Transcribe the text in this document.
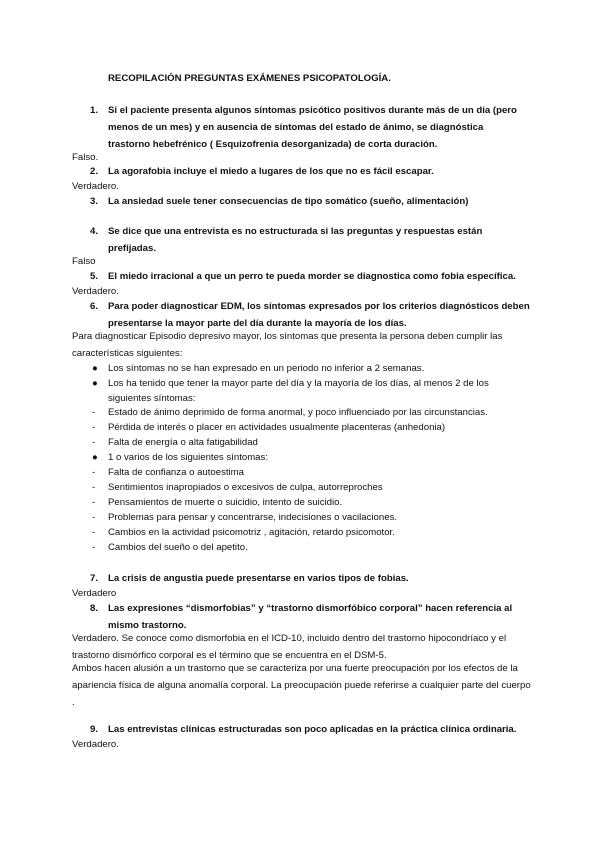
RECOPILACIÓN PREGUNTAS EXÁMENES PSICOPATOLOGÍA.
1. Si el paciente presenta algunos síntomas psicótico positivos durante más de un día (pero menos de un mes) y en ausencia de síntomas del estado de ánimo, se diagnóstica trastorno hebefrénico ( Esquizofrenia desorganizada) de corta duración.
Falso.
2. La agorafobia incluye el miedo a lugares de los que no es fácil escapar.
Verdadero.
3. La ansiedad suele tener consecuencias de tipo somático (sueño, alimentación)
4. Se dice que una entrevista es no estructurada si las preguntas y respuestas están prefijadas.
Falso
5. El miedo irracional a que un perro te pueda morder se diagnostica como fobia específica.
Verdadero.
6. Para poder diagnosticar EDM, los síntomas expresados por los criterios diagnósticos deben presentarse la mayor parte del día durante la mayoría de los días.
Para diagnosticar Episodio depresivo mayor, los síntomas que presenta la persona deben cumplir las características siguientes:
● Los síntomas no se han expresado en un periodo no inferior a 2 semanas.
● Los ha tenido que tener la mayor parte del día y la mayoría de los días, al menos 2 de los siguientes síntomas:
- Estado de ánimo deprimido de forma anormal, y poco influenciado por las circunstancias.
- Pérdida de interés o placer en actividades usualmente placenteras (anhedonia)
- Falta de energía o alta fatigabilidad
● 1 o varios de los siguientes síntomas:
- Falta de confianza o autoestima
- Sentimientos inapropiados o excesivos de culpa, autorreproches
- Pensamientos de muerte o suicidio, intento de suicidio.
- Problemas para pensar y concentrarse, indecisiones o vacilaciones.
- Cambios en la actividad psicomotriz , agitación, retardo psicomotor.
- Cambios del sueño o del apetito.
7. La crisis de angustia puede presentarse en varios tipos de fobias.
Verdadero
8. Las expresiones “dismorfobias” y “trastorno dismorfóbico corporal” hacen referencia al mismo trastorno.
Verdadero. Se conoce como dismorfobia en el ICD-10, incluido dentro del trastorno hipocondríaco y el trastorno dismórfico corporal es el término que se encuentra en el DSM-5.
Ambos hacen alusión a un trastorno que se caracteriza por una fuerte preocupación por los efectos de la apariencia física de alguna anomalía corporal. La preocupación puede referirse a cualquier parte del cuerpo .
9. Las entrevistas clínicas estructuradas son poco aplicadas en la práctica clínica ordinaria.
Verdadero.
